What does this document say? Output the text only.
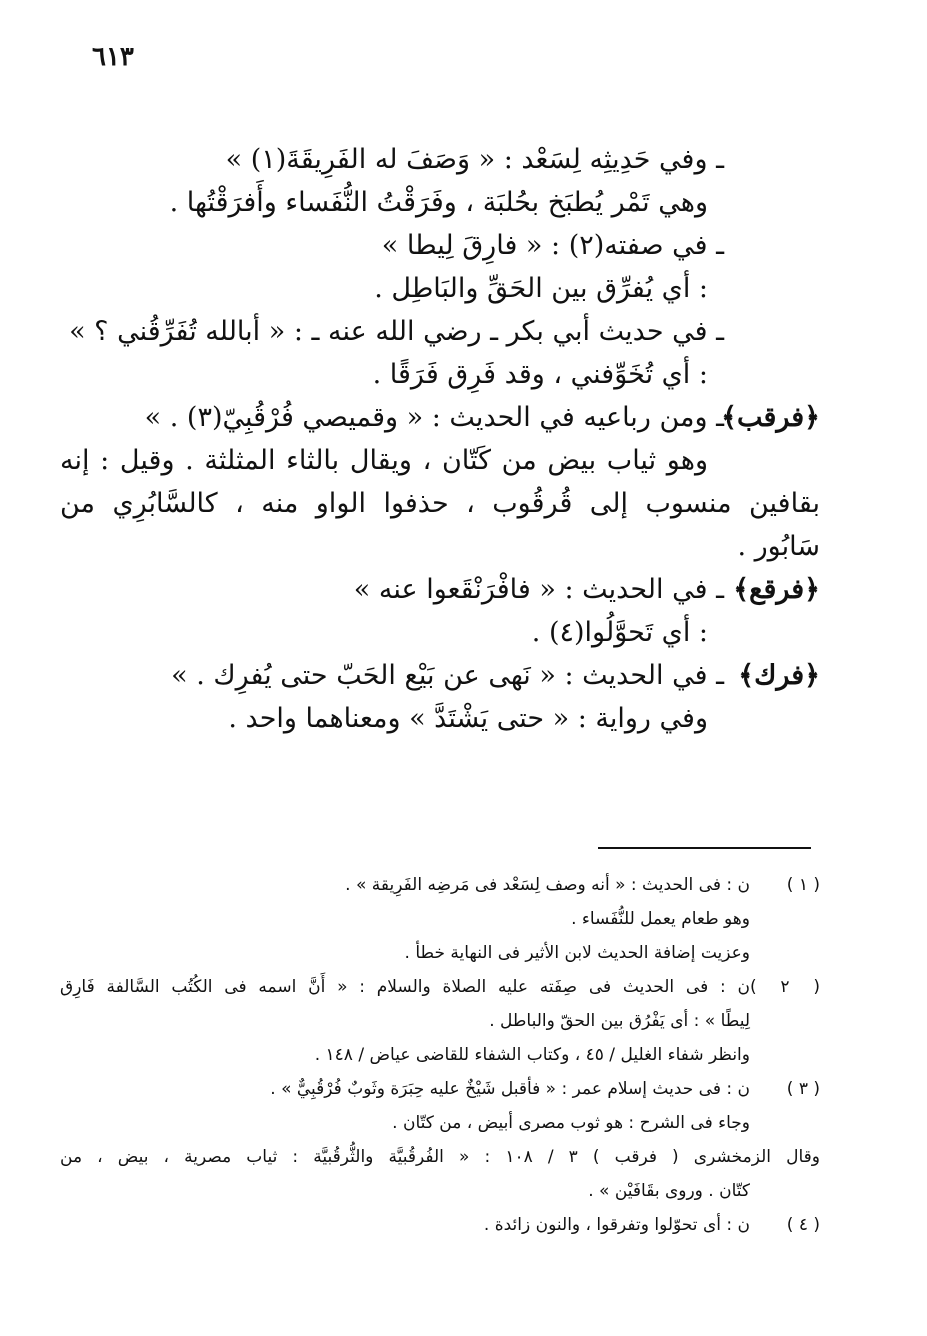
٦١٣
ـ وفي حَدِيثِه لِسَعْد : « وَصَفَ له الفَرِيقَةَ(١) »
وهي تَمْر يُطبَخ بحُلبَة ، وفَرَقْتُ النُّفَساء وأَفرَقْتُها .
ـ في صفته(٢) : « فارِقَ لِيطا »
: أي يُفرِّق بين الحَقِّ والبَاطِل .
ـ في حديث أبي بكر ـ رضي الله عنه ـ : « أبالله تُفَرِّقُني ؟ »
: أي تُخَوِّفني ، وقد فَرِق فَرَقًا .
﴿فرقب﴾ـ ومن رباعيه في الحديث : « وقميصي فُرْقُبِيّ(٣) . »
وهو ثياب بيض من كَتّان ، ويقال بالثاء المثلثة . وقيل : إنه
بقافين منسوب إلى قُرقُوب ، حذفوا الواو منه ، كالسَّابُرِي من
سَابُور .
﴿فرقع﴾ـ في الحديث : « فافْرَنْقَعوا عنه »
: أي تَحوَّلُوا(٤) .
﴿فرك﴾ـ في الحديث : « نَهى عن بَيْع الحَبّ حتى يُفرِك . »
وفي رواية : « حتى يَشْتَدَّ » ومعناهما واحد .
( ١ )ن : فى الحديث : « أنه وصف لِسَعْد فى مَرضِه الفَرِيقة » .
وهو طعام يعمل للنُّفَساء .
وعزيت إضافة الحديث لابن الأثير فى النهاية خطأ .
( ٢ )ن : فى الحديث فى صِفَته عليه الصلاة والسلام : « أَنَّ اسمه فى الكُتُب السَّالفة فَارِق
لِيطًا » : أى يَفْرُق بين الحقّ والباطل .
وانظر شفاء الغليل / ٤٥ ، وكتاب الشفاء للقاضى عياض / ١٤٨ .
( ٣ )ن : فى حديث إسلام عمر : « فأقبل شَيْخٌ عليه حِبَرَة وثَوبٌ فُرْقُبِيٌّ » .
وجاء فى الشرح : هو ثوب مصرى أبيض ، من كتّان .
وقال الزمخشرى ( فرقب ) ٣ / ١٠٨ : « الفُرقُبيَّة والثُّرقُبيَّة : ثياب مصرية ، بيض ، من
كتّان . وروى بقَافَيْن » .
( ٤ )ن : أى تحوّلوا وتفرقوا ، والنون زائدة .
